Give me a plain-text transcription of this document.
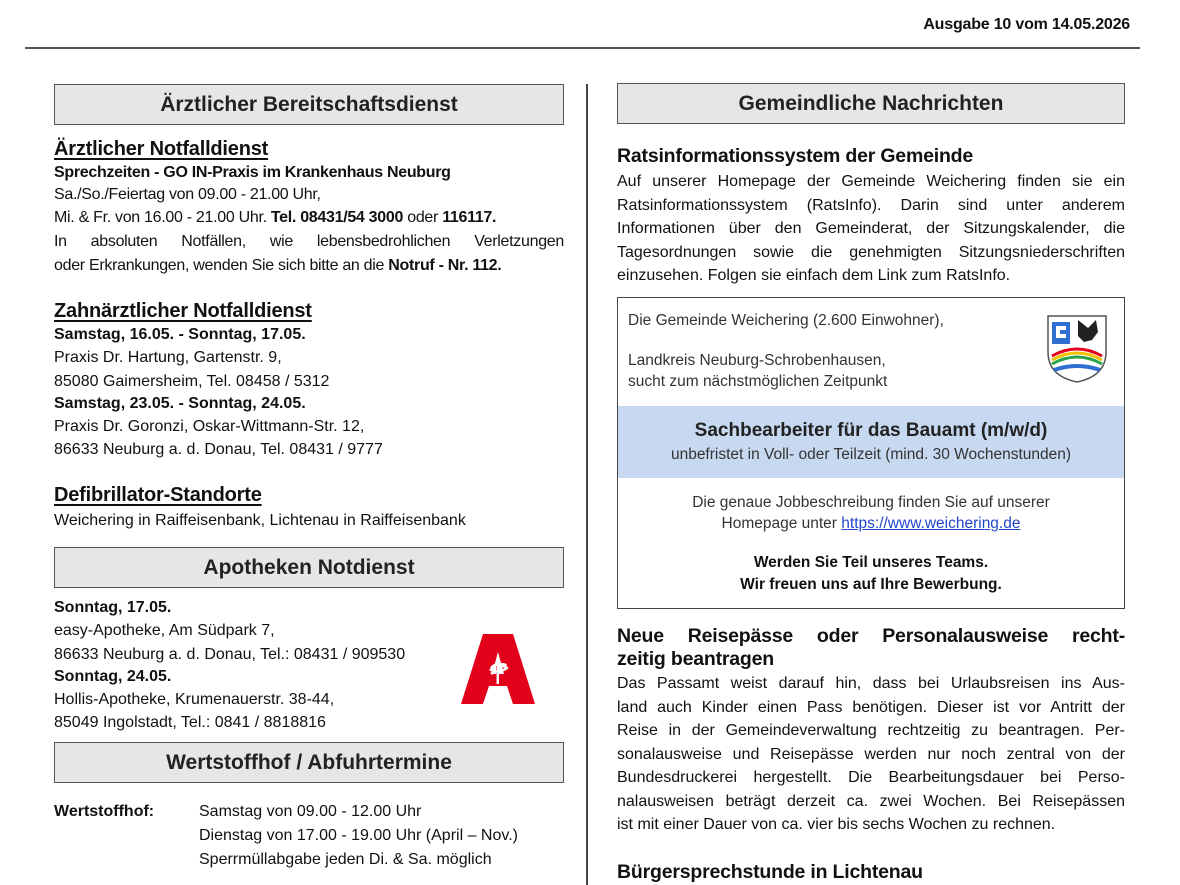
Ausgabe 10 vom 14.05.2026
Ärztlicher Bereitschaftsdienst
Ärztlicher Notfalldienst
Sprechzeiten - GO IN-Praxis im Krankenhaus Neuburg
Sa./So./Feiertag von 09.00 - 21.00 Uhr,
Mi. & Fr. von 16.00 - 21.00 Uhr. Tel. 08431/54 3000 oder 116117.
In absoluten Notfällen, wie lebensbedrohlichen Verletzungen
oder Erkrankungen, wenden Sie sich bitte an die Notruf - Nr. 112.
Zahnärztlicher Notfalldienst
Samstag, 16.05. - Sonntag, 17.05.
Praxis Dr. Hartung, Gartenstr. 9,
85080 Gaimersheim, Tel. 08458 / 5312
Samstag, 23.05. - Sonntag, 24.05.
Praxis Dr. Goronzi, Oskar-Wittmann-Str. 12,
86633 Neuburg a. d. Donau, Tel. 08431 / 9777
Defibrillator-Standorte
Weichering in Raiffeisenbank, Lichtenau in Raiffeisenbank
Apotheken Notdienst
Sonntag, 17.05.
easy-Apotheke, Am Südpark 7,
86633 Neuburg a. d. Donau, Tel.: 08431 / 909530
Sonntag, 24.05.
Hollis-Apotheke, Krumenauerstr. 38-44,
85049 Ingolstadt, Tel.: 0841 / 8818816
Wertstoffhof / Abfuhrtermine
Wertstoffhof:	Samstag von 09.00 - 12.00 Uhr
Dienstag von 17.00 - 19.00 Uhr (April – Nov.)
Sperrmüllabgabe jeden Di. & Sa. möglich
Gemeindliche Nachrichten
Ratsinformationssystem der Gemeinde
Auf unserer Homepage der Gemeinde Weichering finden sie ein
Ratsinformationssystem (RatsInfo). Darin sind unter anderem
Informationen über den Gemeinderat, der Sitzungskalender, die
Tagesordnungen sowie die genehmigten Sitzungsniederschriften
einzusehen. Folgen sie einfach dem Link zum RatsInfo.
Die Gemeinde Weichering (2.600 Einwohner),
Landkreis Neuburg-Schrobenhausen,
sucht zum nächstmöglichen Zeitpunkt
Sachbearbeiter für das Bauamt (m/w/d)
unbefristet in Voll- oder Teilzeit (mind. 30 Wochenstunden)
Die genaue Jobbeschreibung finden Sie auf unserer
Homepage unter https://www.weichering.de
Werden Sie Teil unseres Teams.
Wir freuen uns auf Ihre Bewerbung.
Neue Reisepässe oder Personalausweise recht-
zeitig beantragen
Das Passamt weist darauf hin, dass bei Urlaubsreisen ins Aus-
land auch Kinder einen Pass benötigen. Dieser ist vor Antritt der
Reise in der Gemeindeverwaltung rechtzeitig zu beantragen. Per-
sonalausweise und Reisepässe werden nur noch zentral von der
Bundesdruckerei hergestellt. Die Bearbeitungsdauer bei Perso-
nalausweisen beträgt derzeit ca. zwei Wochen. Bei Reisepässen
ist mit einer Dauer von ca. vier bis sechs Wochen zu rechnen.
Bürgersprechstunde in Lichtenau
